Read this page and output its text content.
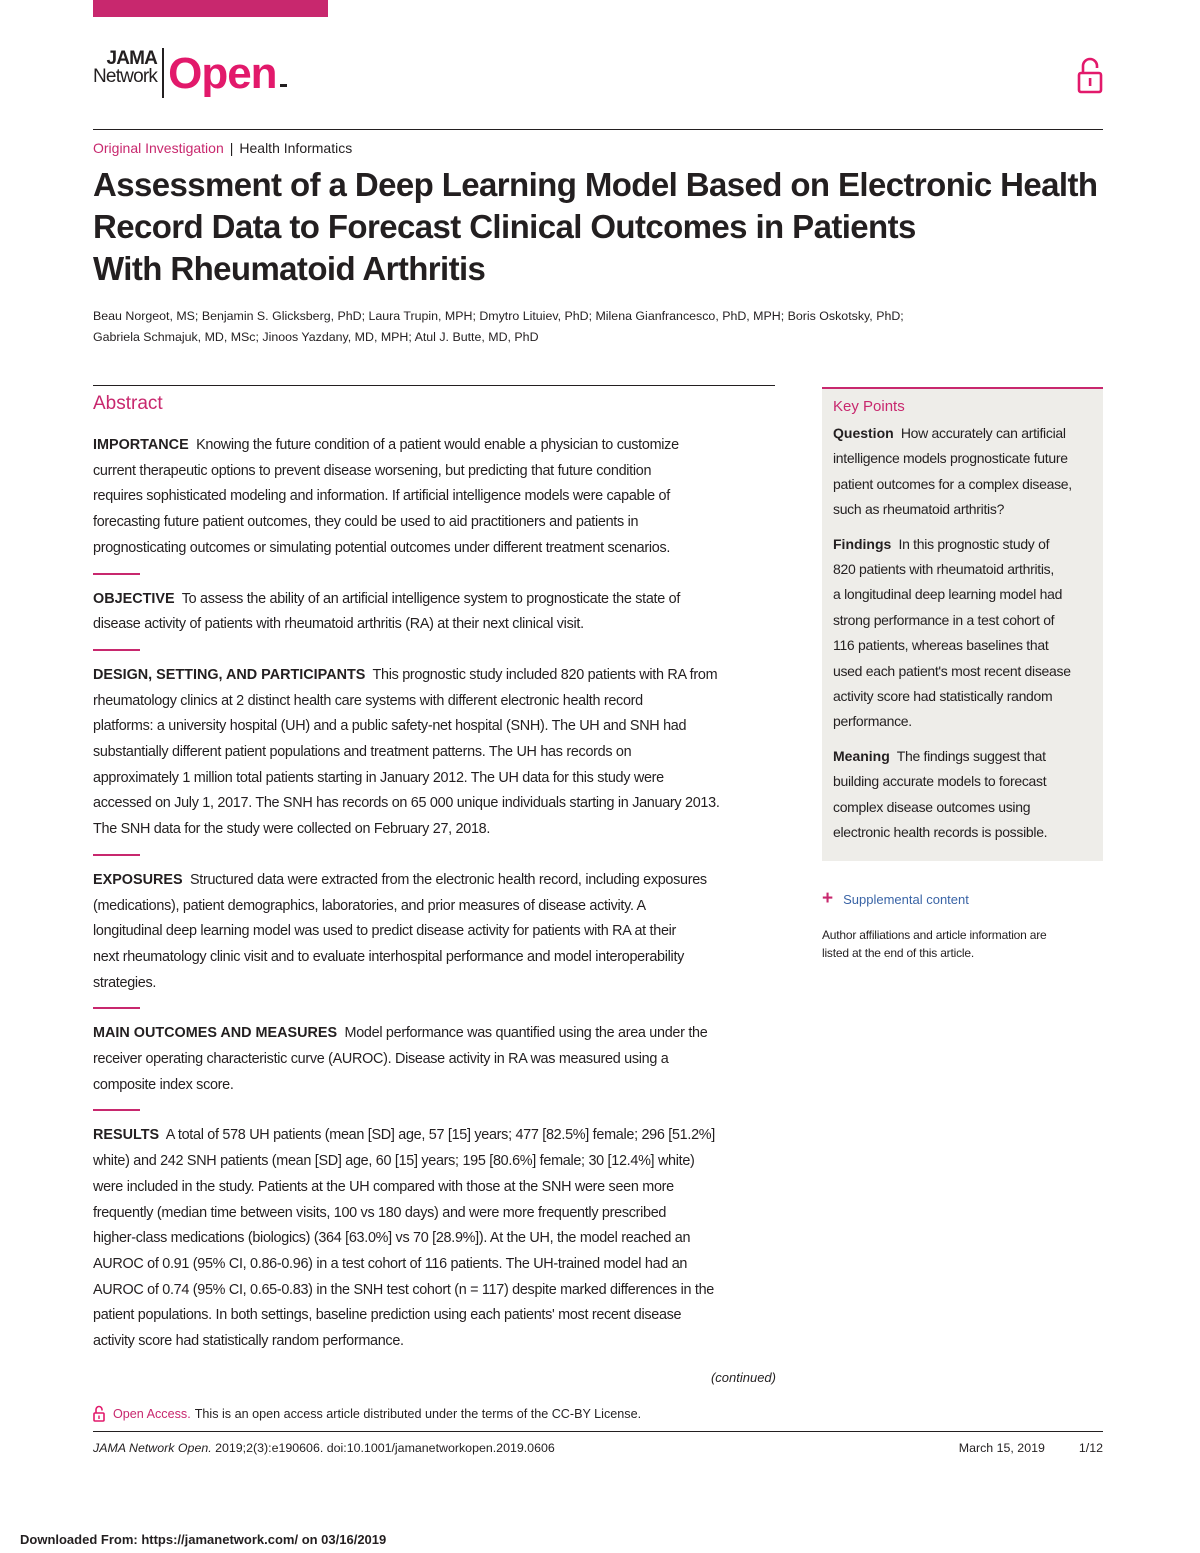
JAMA
Network Open
Original Investigation | Health Informatics
Assessment of a Deep Learning Model Based on Electronic Health
Record Data to Forecast Clinical Outcomes in Patients
With Rheumatoid Arthritis
Beau Norgeot, MS; Benjamin S. Glicksberg, PhD; Laura Trupin, MPH; Dmytro Lituiev, PhD; Milena Gianfrancesco, PhD, MPH; Boris Oskotsky, PhD;
Gabriela Schmajuk, MD, MSc; Jinoos Yazdany, MD, MPH; Atul J. Butte, MD, PhD
Abstract
IMPORTANCE Knowing the future condition of a patient would enable a physician to customize
current therapeutic options to prevent disease worsening, but predicting that future condition
requires sophisticated modeling and information. If artificial intelligence models were capable of
forecasting future patient outcomes, they could be used to aid practitioners and patients in
prognosticating outcomes or simulating potential outcomes under different treatment scenarios.
OBJECTIVE To assess the ability of an artificial intelligence system to prognosticate the state of
disease activity of patients with rheumatoid arthritis (RA) at their next clinical visit.
DESIGN, SETTING, AND PARTICIPANTS This prognostic study included 820 patients with RA from
rheumatology clinics at 2 distinct health care systems with different electronic health record
platforms: a university hospital (UH) and a public safety-net hospital (SNH). The UH and SNH had
substantially different patient populations and treatment patterns. The UH has records on
approximately 1 million total patients starting in January 2012. The UH data for this study were
accessed on July 1, 2017. The SNH has records on 65 000 unique individuals starting in January 2013.
The SNH data for the study were collected on February 27, 2018.
EXPOSURES Structured data were extracted from the electronic health record, including exposures
(medications), patient demographics, laboratories, and prior measures of disease activity. A
longitudinal deep learning model was used to predict disease activity for patients with RA at their
next rheumatology clinic visit and to evaluate interhospital performance and model interoperability
strategies.
MAIN OUTCOMES AND MEASURES Model performance was quantified using the area under the
receiver operating characteristic curve (AUROC). Disease activity in RA was measured using a
composite index score.
RESULTS A total of 578 UH patients (mean [SD] age, 57 [15] years; 477 [82.5%] female; 296 [51.2%]
white) and 242 SNH patients (mean [SD] age, 60 [15] years; 195 [80.6%] female; 30 [12.4%] white)
were included in the study. Patients at the UH compared with those at the SNH were seen more
frequently (median time between visits, 100 vs 180 days) and were more frequently prescribed
higher-class medications (biologics) (364 [63.0%] vs 70 [28.9%]). At the UH, the model reached an
AUROC of 0.91 (95% CI, 0.86-0.96) in a test cohort of 116 patients. The UH-trained model had an
AUROC of 0.74 (95% CI, 0.65-0.83) in the SNH test cohort (n = 117) despite marked differences in the
patient populations. In both settings, baseline prediction using each patients' most recent disease
activity score had statistically random performance.
(continued)
Key Points
Question How accurately can artificial
intelligence models prognosticate future
patient outcomes for a complex disease,
such as rheumatoid arthritis?
Findings In this prognostic study of
820 patients with rheumatoid arthritis,
a longitudinal deep learning model had
strong performance in a test cohort of
116 patients, whereas baselines that
used each patient's most recent disease
activity score had statistically random
performance.
Meaning The findings suggest that
building accurate models to forecast
complex disease outcomes using
electronic health records is possible.
+ Supplemental content
Author affiliations and article information are
listed at the end of this article.
Open Access. This is an open access article distributed under the terms of the CC-BY License.
JAMA Network Open. 2019;2(3):e190606. doi:10.1001/jamanetworkopen.2019.0606	March 15, 2019	1/12
Downloaded From: https://jamanetwork.com/ on 03/16/2019
